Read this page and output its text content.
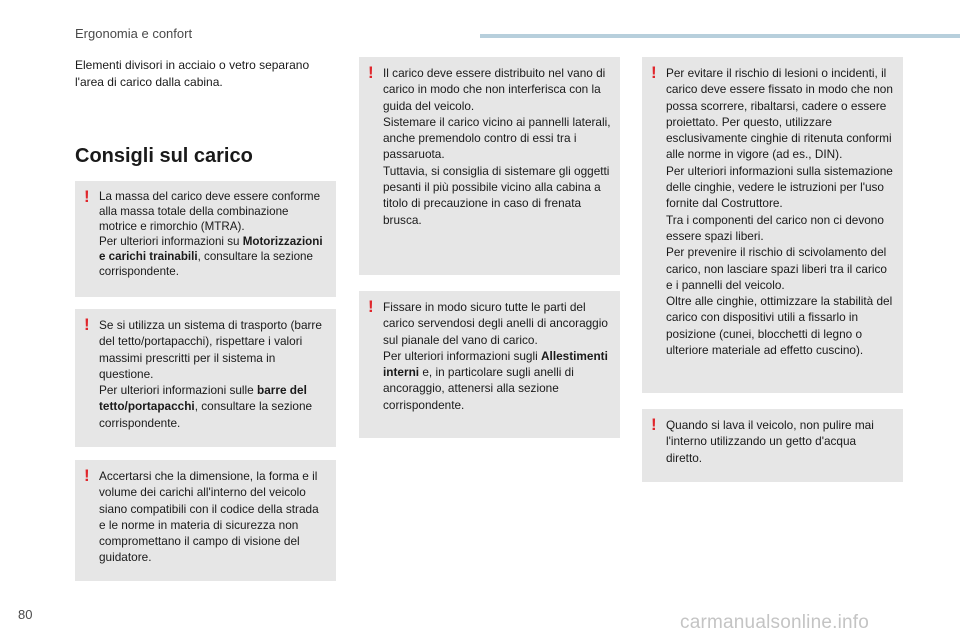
Ergonomia e confort
Elementi divisori in acciaio o vetro separano l'area di carico dalla cabina.
Consigli sul carico
! La massa del carico deve essere conforme alla massa totale della combinazione motrice e rimorchio (MTRA).
Per ulteriori informazioni su Motorizzazioni e carichi trainabili, consultare la sezione corrispondente.

! Se si utilizza un sistema di trasporto (barre del tetto/portapacchi), rispettare i valori massimi prescritti per il sistema in questione.
Per ulteriori informazioni sulle barre del tetto/portapacchi, consultare la sezione corrispondente.

! Accertarsi che la dimensione, la forma e il volume dei carichi all'interno del veicolo siano compatibili con il codice della strada e le norme in materia di sicurezza non compromettano il campo di visione del guidatore.

! Il carico deve essere distribuito nel vano di carico in modo che non interferisca con la guida del veicolo.
Sistemare il carico vicino ai pannelli laterali, anche premendolo contro di essi tra i passaruota.
Tuttavia, si consiglia di sistemare gli oggetti pesanti il più possibile vicino alla cabina a titolo di precauzione in caso di frenata brusca.

! Fissare in modo sicuro tutte le parti del carico servendosi degli anelli di ancoraggio sul pianale del vano di carico.
Per ulteriori informazioni sugli Allestimenti interni e, in particolare sugli anelli di ancoraggio, attenersi alla sezione corrispondente.

! Per evitare il rischio di lesioni o incidenti, il carico deve essere fissato in modo che non possa scorrere, ribaltarsi, cadere o essere proiettato. Per questo, utilizzare esclusivamente cinghie di ritenuta conformi alle norme in vigore (ad es., DIN).
Per ulteriori informazioni sulla sistemazione delle cinghie, vedere le istruzioni per l'uso fornite dal Costruttore.
Tra i componenti del carico non ci devono essere spazi liberi.
Per prevenire il rischio di scivolamento del carico, non lasciare spazi liberi tra il carico e i pannelli del veicolo.
Oltre alle cinghie, ottimizzare la stabilità del carico con dispositivi utili a fissarlo in posizione (cunei, blocchetti di legno o ulteriore materiale ad effetto cuscino).

! Quando si lava il veicolo, non pulire mai l'interno utilizzando un getto d'acqua diretto.

80	carmanualsonline.info
